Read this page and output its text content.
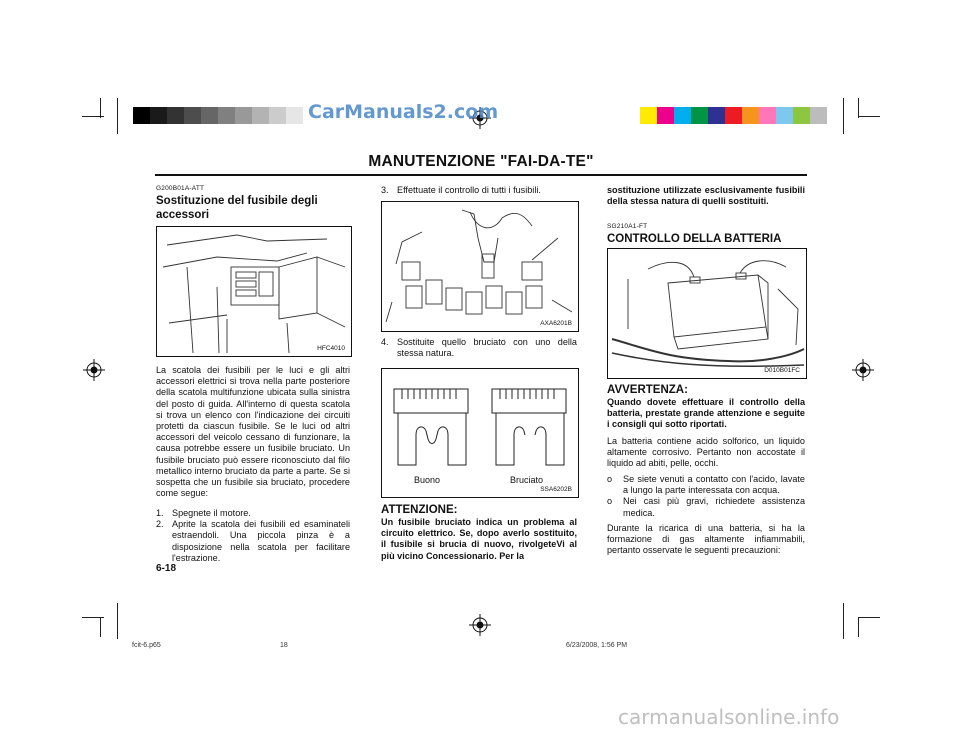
CarManuals2.com
MANUTENZIONE "FAI-DA-TE"
G200B01A-ATT
Sostituzione del fusibile degli accessori
HFC4010
La scatola dei fusibili per le luci e gli altri accessori elettrici si trova nella parte posteriore della scatola multifunzione ubicata sulla sinistra del posto di guida. All'interno di questa scatola si trova un elenco con l'indicazione dei circuiti protetti da ciascun fusibile. Se le luci od altri accessori del veicolo cessano di funzionare, la causa potrebbe essere un fusibile bruciato. Un fusibile bruciato può essere riconosciuto dal filo metallico interno bruciato da parte a parte. Se si sospetta che un fusibile sia bruciato, procedere come segue:
1. Spegnete il motore.
2. Aprite la scatola dei fusibili ed esaminateli estraendoli. Una piccola pinza è a disposizione nella scatola per facilitare l'estrazione.
6-18
3. Effettuate il controllo di tutti i fusibili.
AXA6201B
4. Sostituite quello bruciato con uno della stessa natura.
Buono	Bruciato
SSA6202B
ATTENZIONE:
Un fusibile bruciato indica un problema al circuito elettrico. Se, dopo averlo sostituito, il fusibile si brucia di nuovo, rivolgeteVi al più vicino Concessionario. Per la
sostituzione utilizzate esclusivamente fusibili della stessa natura di quelli sostituiti.
SG210A1-FT
CONTROLLO DELLA BATTERIA
D010B01FC
AVVERTENZA:
Quando dovete effettuare il controllo della batteria, prestate grande attenzione e seguite i consigli qui sotto riportati.
La batteria contiene acido solforico, un liquido altamente corrosivo. Pertanto non accostate il liquido ad abiti, pelle, occhi.
o Se siete venuti a contatto con l'acido, lavate a lungo la parte interessata con acqua.
o Nei casi più gravi, richiedete assistenza medica.
Durante la ricarica di una batteria, si ha la formazione di gas altamente infiammabili, pertanto osservate le seguenti precauzioni:
fcit-6.p65	18	6/23/2008, 1:56 PM
carmanualsonline.info
